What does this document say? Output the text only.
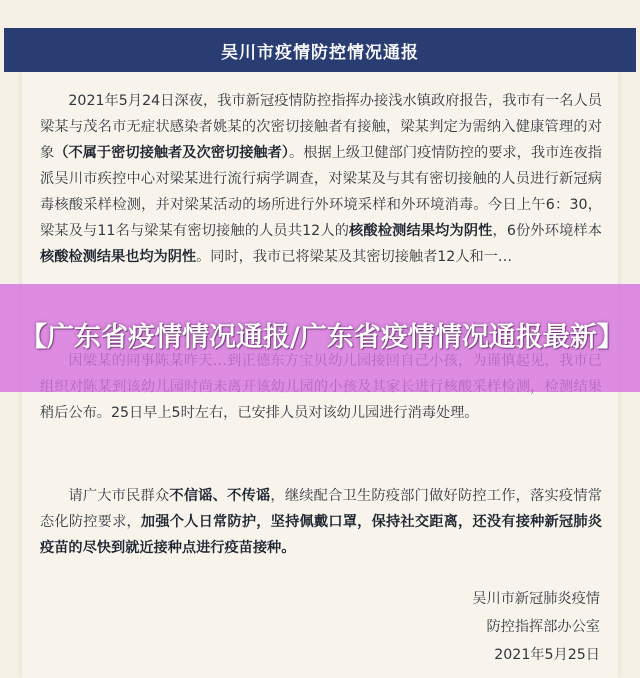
吴川市疫情防控情况通报

2021年5月24日深夜，我市新冠疫情防控指挥办接浅水镇政府报告，我市有一名人员梁某与茂名市无症状感染者姚某的次密切接触者有接触，梁某判定为需纳入健康管理的对象（不属于密切接触者及次密切接触者）。根据上级卫健部门疫情防控的要求，我市连夜指派吴川市疾控中心对梁某进行流行病学调查，对梁某及与其有密切接触的人员进行新冠病毒核酸采样检测，并对梁某活动的场所进行外环境采样和外环境消毒。今日上午6：30，梁某及与11名与梁某有密切接触的人员共12人的核酸检测结果均为阴性，6份外环境样本核酸检测结果也均为阴性。同时，我市已将梁某及其密切接触者12人和一…

稍后公布。25日早上5时左右，已安排人员对该幼儿园进行消毒处理。

请广大市民群众不信谣、不传谣，继续配合卫生防疫部门做好防控工作，落实疫情常态化防控要求，加强个人日常防护，坚持佩戴口罩，保持社交距离，还没有接种新冠肺炎疫苗的尽快到就近接种点进行疫苗接种。

吴川市新冠肺炎疫情
防控指挥部办公室
2021年5月25日
【广东省疫情情况通报/广东省疫情情况通报最新】
